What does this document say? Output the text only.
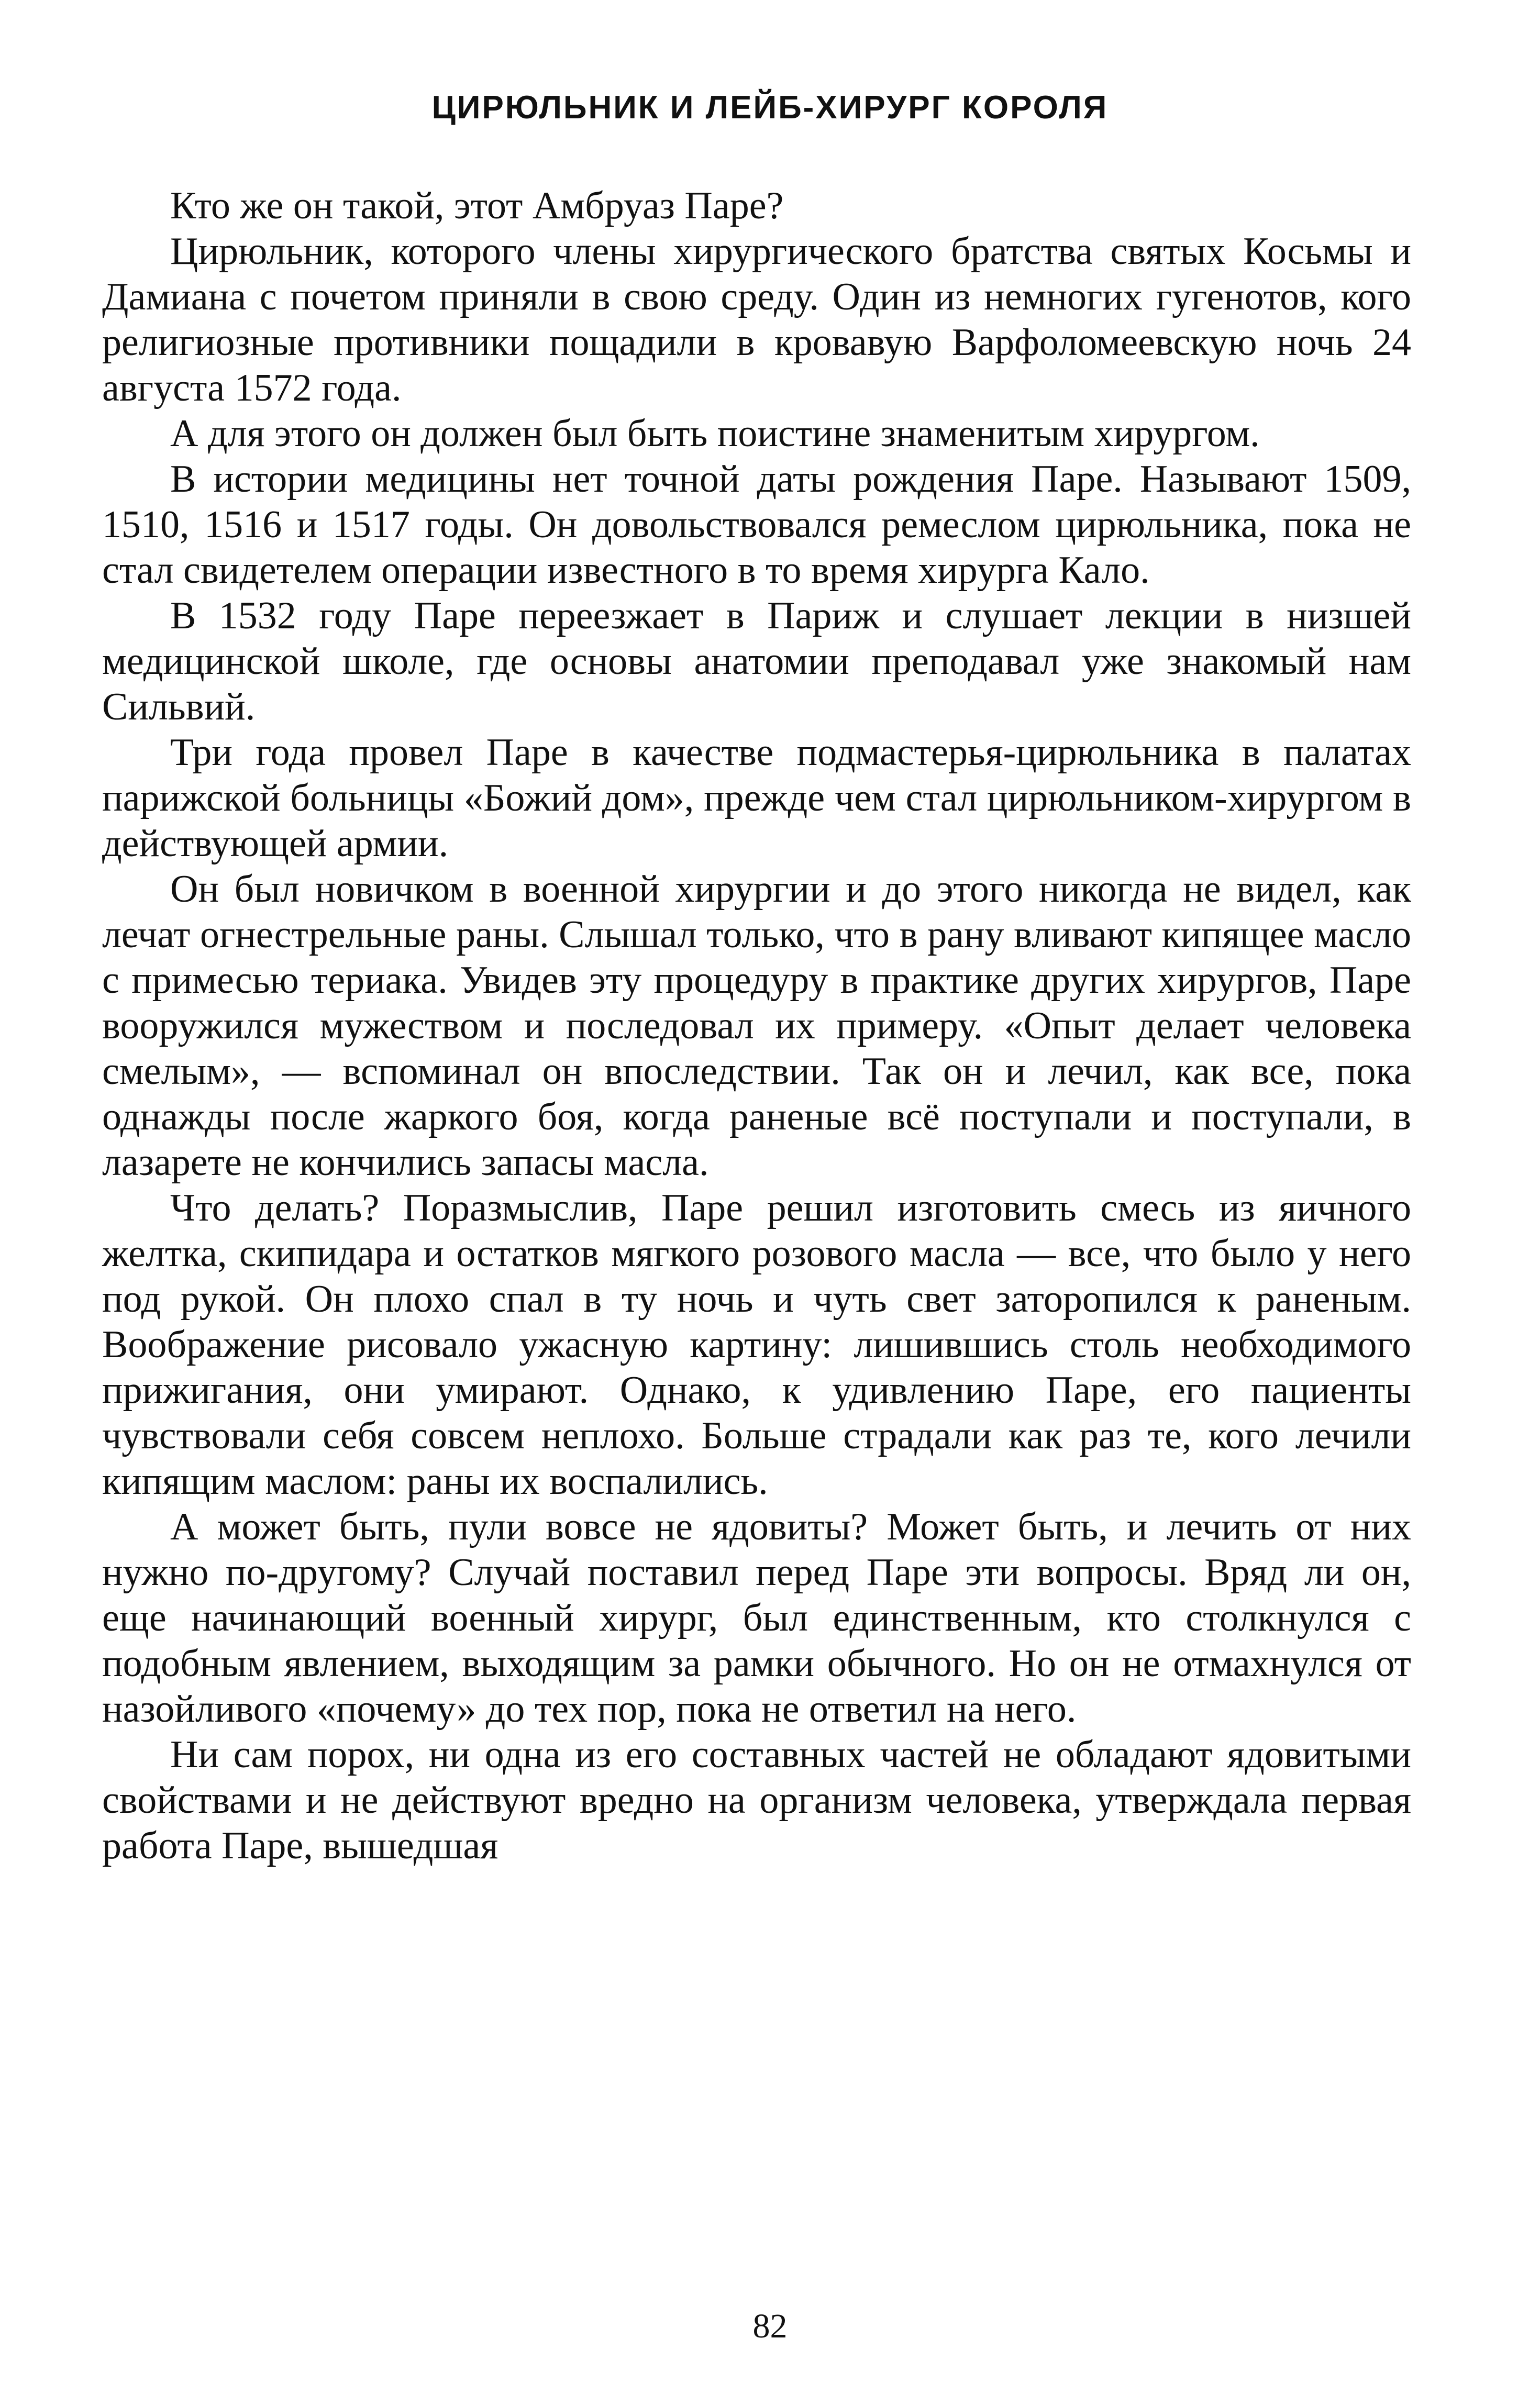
ЦИРЮЛЬНИК И ЛЕЙБ-ХИРУРГ КОРОЛЯ

Кто же он такой, этот Амбруаз Паре?

Цирюльник, которого члены хирургического братства святых Косьмы и Дамиана с почетом приняли в свою среду. Один из немногих гугенотов, кого религиозные противники пощадили в кровавую Варфоломеевскую ночь 24 августа 1572 года.

А для этого он должен был быть поистине знаменитым хирургом.

В истории медицины нет точной даты рождения Паре. Называют 1509, 1510, 1516 и 1517 годы. Он довольствовался ремеслом цирюльника, пока не стал свидетелем операции известного в то время хирурга Кало.

В 1532 году Паре переезжает в Париж и слушает лекции в низшей медицинской школе, где основы анатомии преподавал уже знакомый нам Сильвий.

Три года провел Паре в качестве подмастерья-цирюльника в палатах парижской больницы «Божий дом», прежде чем стал цирюльником-хирургом в действующей армии.

Он был новичком в военной хирургии и до этого никогда не видел, как лечат огнестрельные раны. Слышал только, что в рану вливают кипящее масло с примесью териака. Увидев эту процедуру в практике других хирургов, Паре вооружился мужеством и последовал их примеру. «Опыт делает человека смелым», — вспоминал он впоследствии. Так он и лечил, как все, пока однажды после жаркого боя, когда раненые всё поступали и поступали, в лазарете не кончились запасы масла.

Что делать? Поразмыслив, Паре решил изготовить смесь из яичного желтка, скипидара и остатков мягкого розового масла — все, что было у него под рукой. Он плохо спал в ту ночь и чуть свет заторопился к раненым. Воображение рисовало ужасную картину: лишившись столь необходимого прижигания, они умирают. Однако, к удивлению Паре, его пациенты чувствовали себя совсем неплохо. Больше страдали как раз те, кого лечили кипящим маслом: раны их воспалились.

А может быть, пули вовсе не ядовиты? Может быть, и лечить от них нужно по-другому? Случай поставил перед Паре эти вопросы. Вряд ли он, еще начинающий военный хирург, был единственным, кто столкнулся с подобным явлением, выходящим за рамки обычного. Но он не отмахнулся от назойливого «почему» до тех пор, пока не ответил на него.

Ни сам порох, ни одна из его составных частей не обладают ядовитыми свойствами и не действуют вредно на организм человека, утверждала первая работа Паре, вышедшая

82
